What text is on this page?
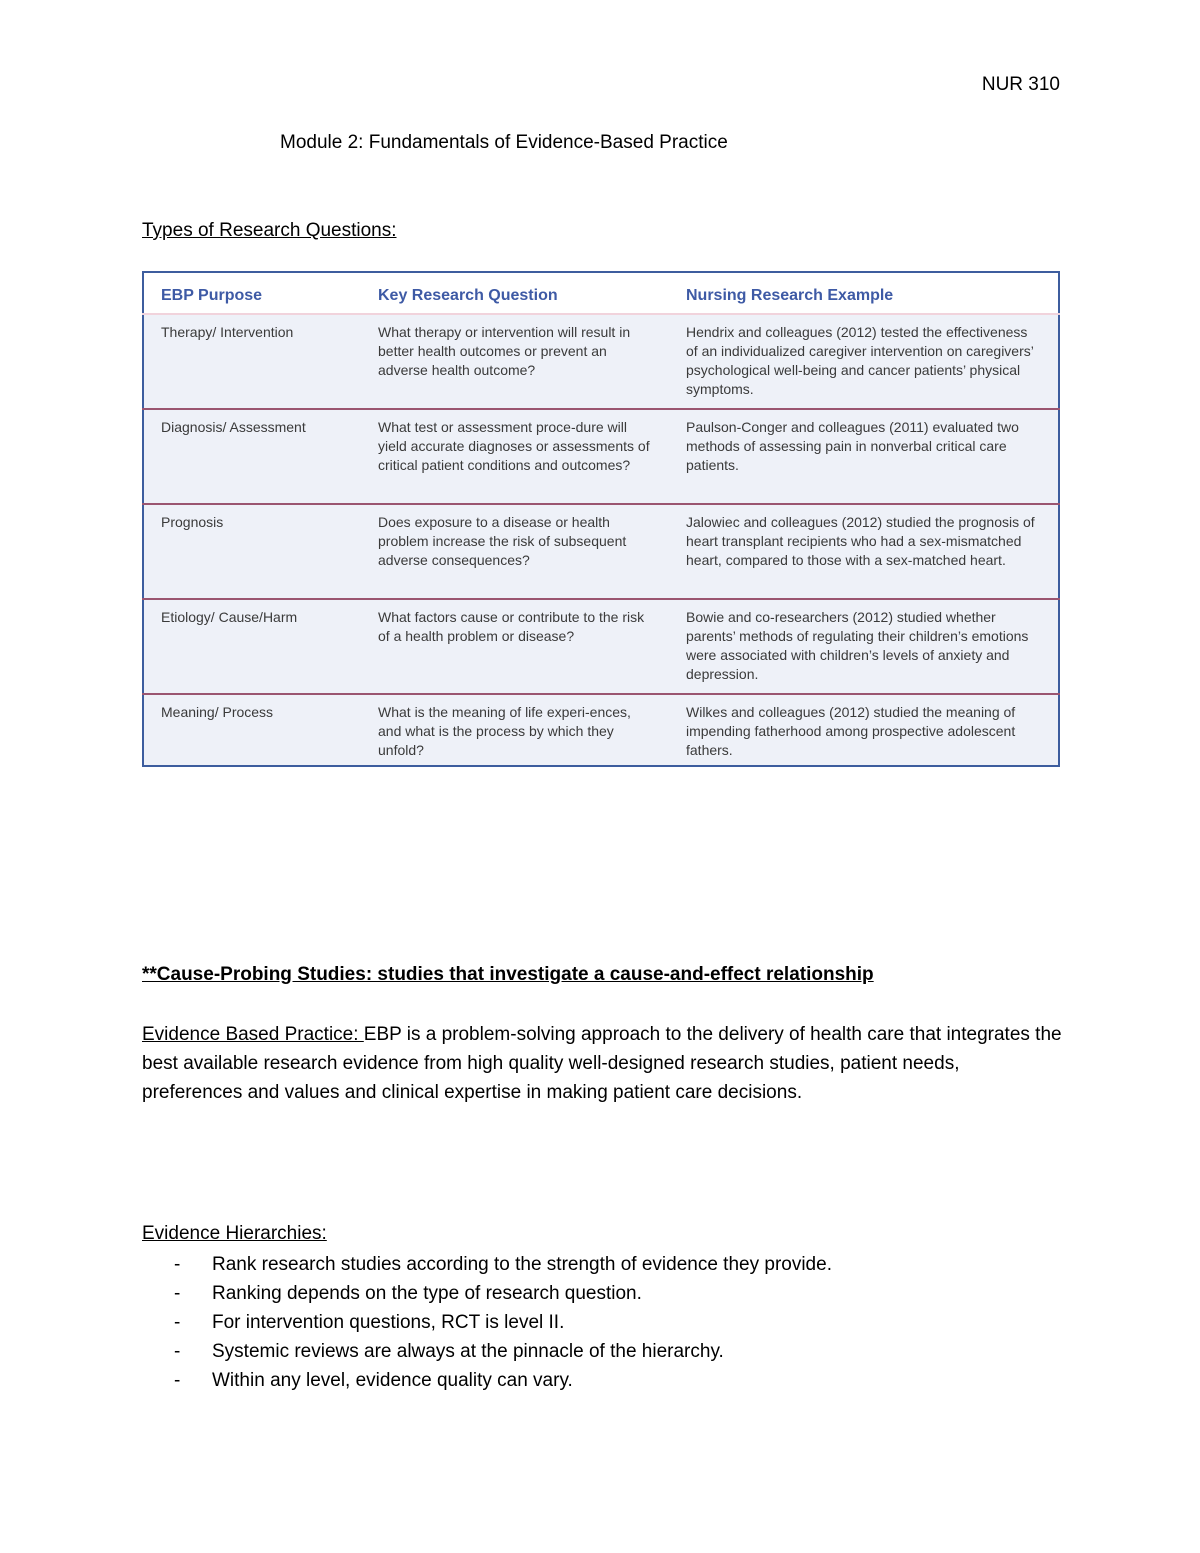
NUR 310
Module 2: Fundamentals of Evidence-Based Practice
Types of Research Questions:
EBP Purpose	Key Research Question	Nursing Research Example
Therapy/ Intervention	What therapy or intervention will result in better health outcomes or prevent an adverse health outcome?	Hendrix and colleagues (2012) tested the effectiveness of an individualized caregiver intervention on caregivers’ psychological well-being and cancer patients’ physical symptoms.
Diagnosis/ Assessment	What test or assessment proce-dure will yield accurate diagnoses or assessments of critical patient conditions and outcomes?	Paulson-Conger and colleagues (2011) evaluated two methods of assessing pain in nonverbal critical care patients.
Prognosis	Does exposure to a disease or health problem increase the risk of subsequent adverse consequences?	Jalowiec and colleagues (2012) studied the prognosis of heart transplant recipients who had a sex-mismatched heart, compared to those with a sex-matched heart.
Etiology/ Cause/Harm	What factors cause or contribute to the risk of a health problem or disease?	Bowie and co-researchers (2012) studied whether parents’ methods of regulating their children’s emotions were associated with children’s levels of anxiety and depression.
Meaning/ Process	What is the meaning of life experi-ences, and what is the process by which they unfold?	Wilkes and colleagues (2012) studied the meaning of impending fatherhood among prospective adolescent fathers.
**Cause-Probing Studies: studies that investigate a cause-and-effect relationship
Evidence Based Practice: EBP is a problem-solving approach to the delivery of health care that integrates the best available research evidence from high quality well-designed research studies, patient needs, preferences and values and clinical expertise in making patient care decisions.
Evidence Hierarchies:
- Rank research studies according to the strength of evidence they provide.
- Ranking depends on the type of research question.
- For intervention questions, RCT is level II.
- Systemic reviews are always at the pinnacle of the hierarchy.
- Within any level, evidence quality can vary.
